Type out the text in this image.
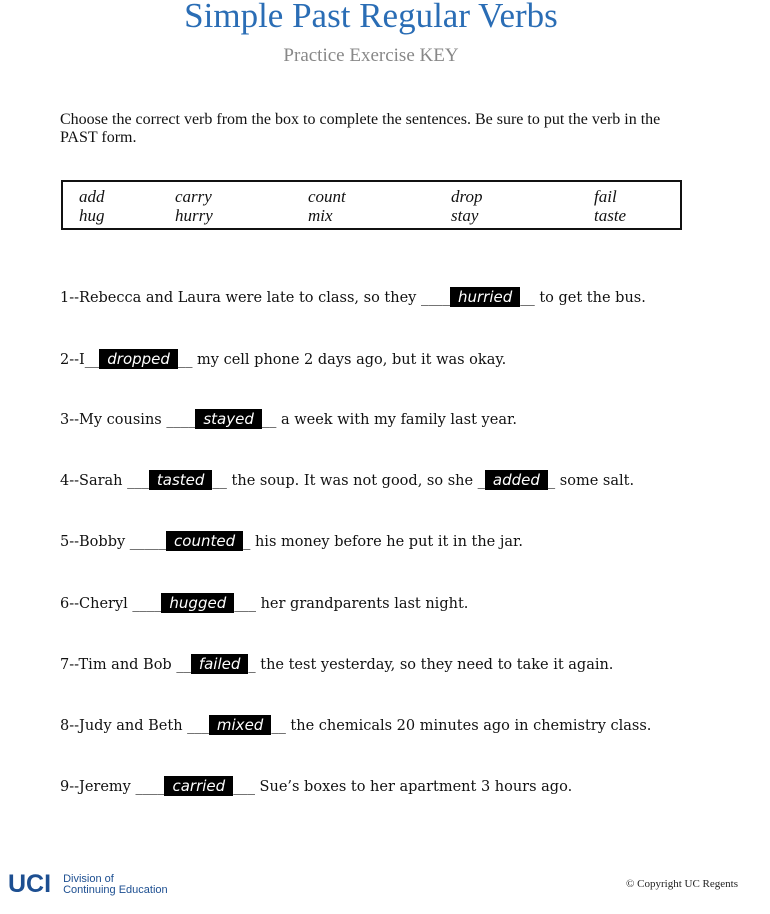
Simple Past Regular Verbs
Practice Exercise KEY

Choose the correct verb from the box to complete the sentences. Be sure to put the verb in the PAST form.

add	carry	count	drop	fail
hug	hurry	mix	stay	taste
1--Rebecca and Laura were late to class, so they ____ hurried __ to get the bus.
2--I__ dropped __ my cell phone 2 days ago, but it was okay.
3--My cousins ____ stayed __ a week with my family last year.
4--Sarah ___ tasted __ the soup. It was not good, so she _ added _ some salt.
5--Bobby _____ counted _ his money before he put it in the jar.
6--Cheryl ____ hugged ___ her grandparents last night.
7--Tim and Bob __ failed _ the test yesterday, so they need to take it again.
8--Judy and Beth ___ mixed __ the chemicals 20 minutes ago in chemistry class.
9--Jeremy ____ carried ___ Sue’s boxes to her apartment 3 hours ago.
UCI Division of
Continuing Education	© Copyright UC Regents
